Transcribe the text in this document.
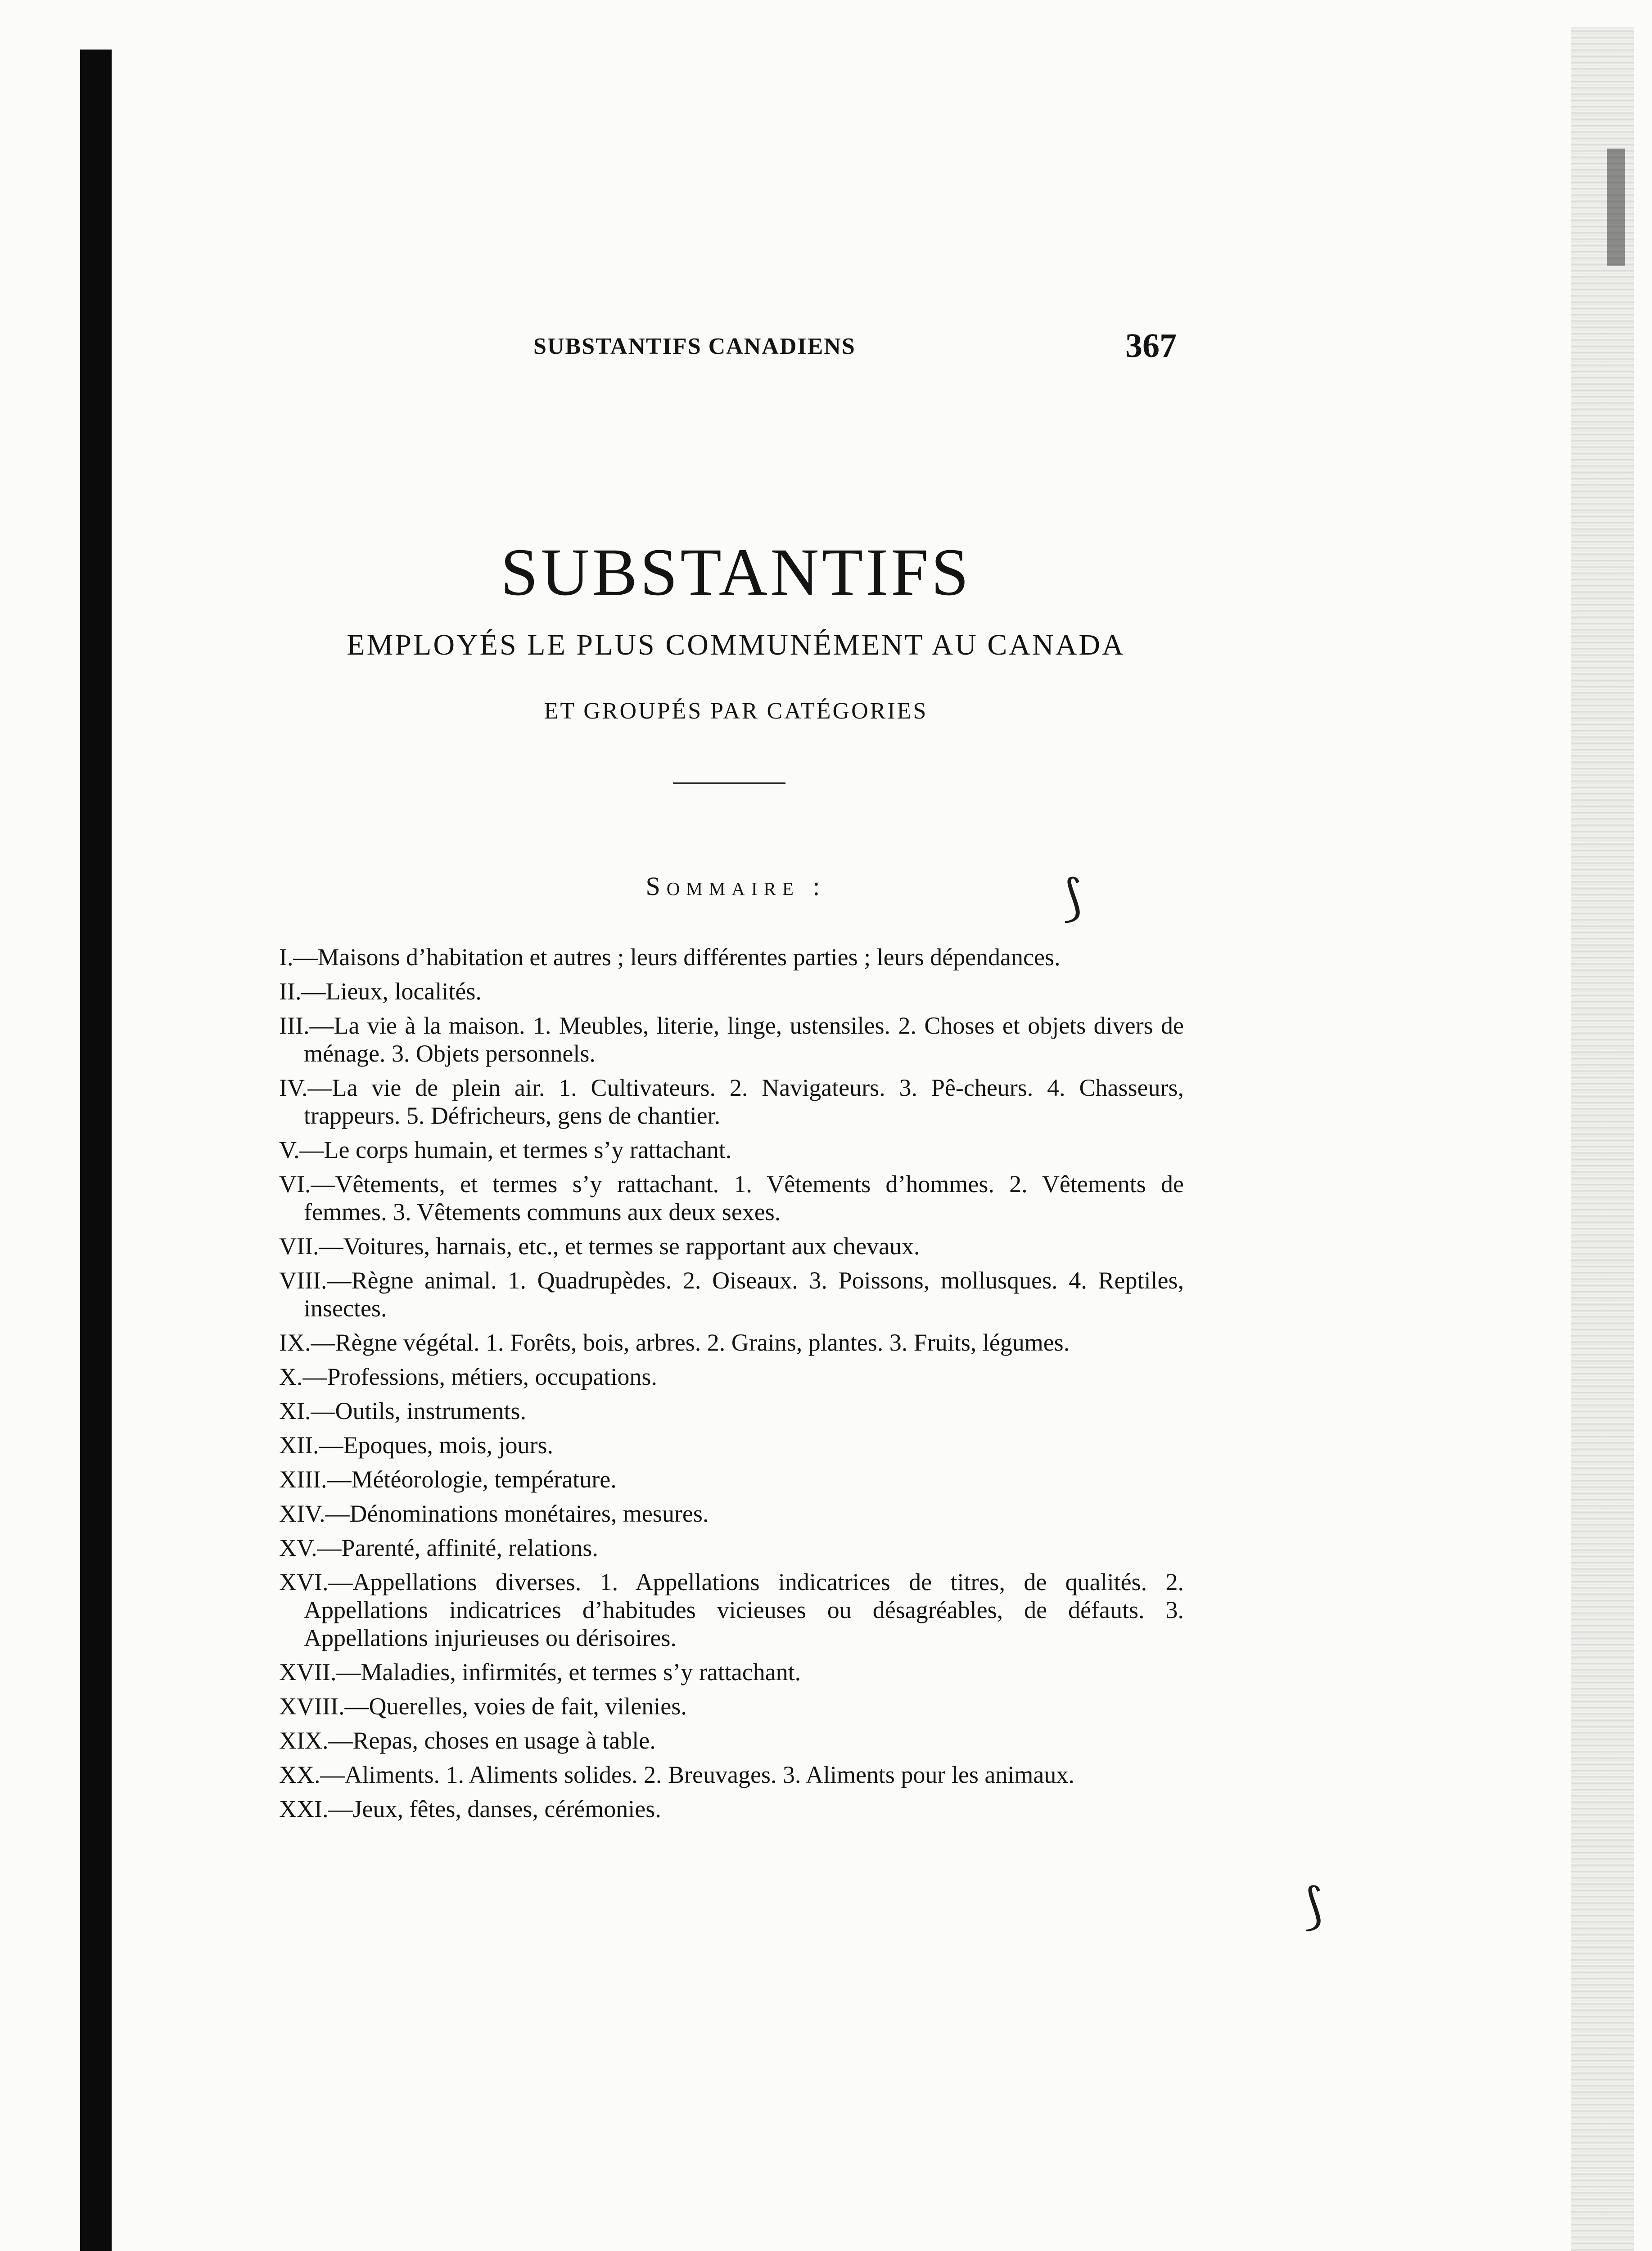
SUBSTANTIFS CANADIENS	367
SUBSTANTIFS
EMPLOYÉS LE PLUS COMMUNÉMENT AU CANADA
ET GROUPÉS PAR CATÉGORIES
Sommaire :	⟆
⟆
I.—Maisons d’habitation et autres ; leurs différentes parties ; leurs dépendances.
II.—Lieux, localités.
III.—La vie à la maison. 1. Meubles, literie, linge, ustensiles. 2. Choses et objets divers de ménage. 3. Objets personnels.
IV.—La vie de plein air. 1. Cultivateurs. 2. Navigateurs. 3. Pê-cheurs. 4. Chasseurs, trappeurs. 5. Défricheurs, gens de chantier.
V.—Le corps humain, et termes s’y rattachant.
VI.—Vêtements, et termes s’y rattachant. 1. Vêtements d’hommes. 2. Vêtements de femmes. 3. Vêtements communs aux deux sexes.
VII.—Voitures, harnais, etc., et termes se rapportant aux chevaux.
VIII.—Règne animal. 1. Quadrupèdes. 2. Oiseaux. 3. Poissons, mollusques. 4. Reptiles, insectes.
IX.—Règne végétal. 1. Forêts, bois, arbres. 2. Grains, plantes. 3. Fruits, légumes.
X.—Professions, métiers, occupations.
XI.—Outils, instruments.
XII.—Epoques, mois, jours.
XIII.—Météorologie, température.
XIV.—Dénominations monétaires, mesures.
XV.—Parenté, affinité, relations.
XVI.—Appellations diverses. 1. Appellations indicatrices de titres, de qualités. 2. Appellations indicatrices d’habitudes vicieuses ou désagréables, de défauts. 3. Appellations injurieuses ou dérisoires.
XVII.—Maladies, infirmités, et termes s’y rattachant.
XVIII.—Querelles, voies de fait, vilenies.
XIX.—Repas, choses en usage à table.
XX.—Aliments. 1. Aliments solides. 2. Breuvages. 3. Aliments pour les animaux.
XXI.—Jeux, fêtes, danses, cérémonies.
